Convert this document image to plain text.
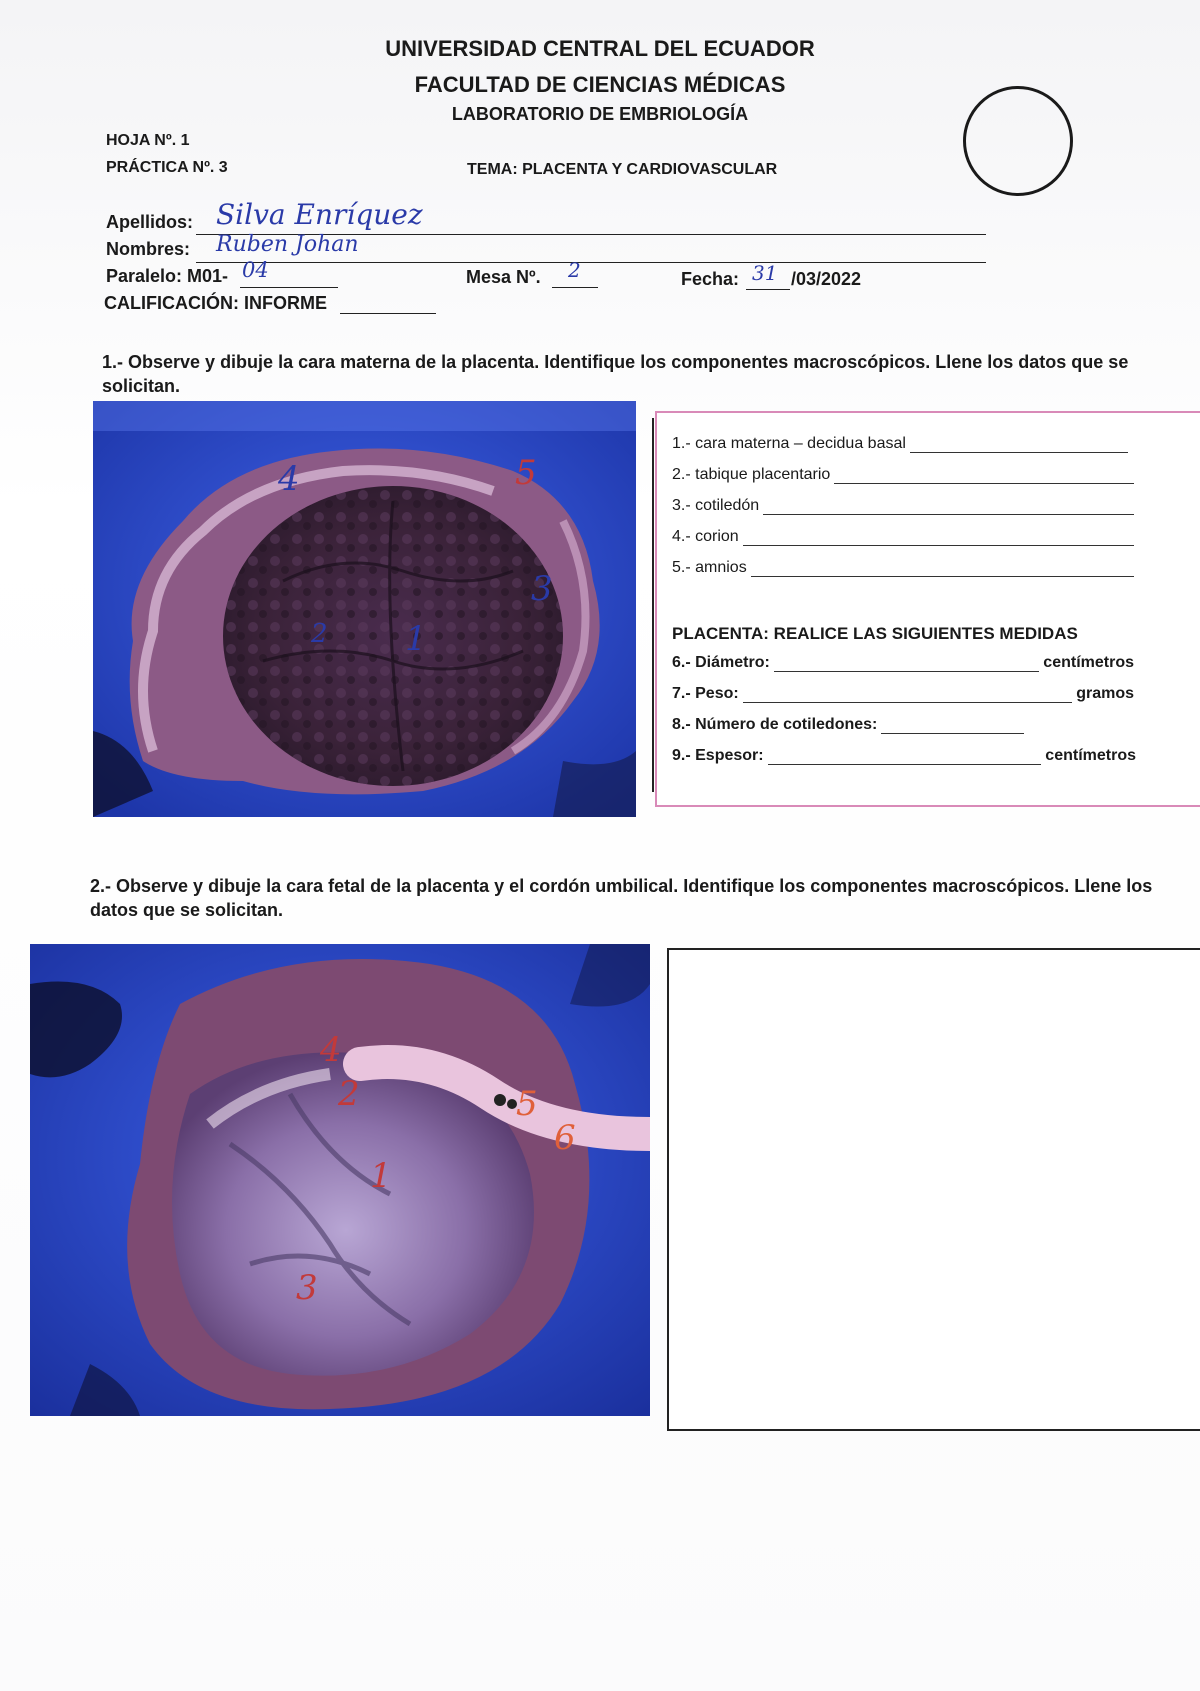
UNIVERSIDAD CENTRAL DEL ECUADOR
FACULTAD DE CIENCIAS MÉDICAS
LABORATORIO DE EMBRIOLOGÍA
HOJA Nº. 1
PRÁCTICA Nº. 3	TEMA: PLACENTA Y CARDIOVASCULAR
Apellidos: Silva Enríquez
Nombres: Ruben Johan
Paralelo: M01- 04	Mesa Nº. 2	Fecha: 31 /03/2022
CALIFICACIÓN: INFORME
1.- Observe y dibuje la cara materna de la placenta. Identifique los componentes macroscópicos. Llene los datos que se solicitan.
4	5
3
1
2
1.- cara materna – decidua basal
2.- tabique placentario
3.- cotiledón
4.- corion
5.- amnios
PLACENTA: REALICE LAS SIGUIENTES MEDIDAS
6.- Diámetro:	centímetros
7.- Peso:	gramos
8.- Número de cotiledones:
9.- Espesor:	centímetros
2.- Observe y dibuje la cara fetal de la placenta y el cordón umbilical. Identifique los componentes macroscópicos. Llene los datos que se solicitan.
4
2	5
6
1
3
